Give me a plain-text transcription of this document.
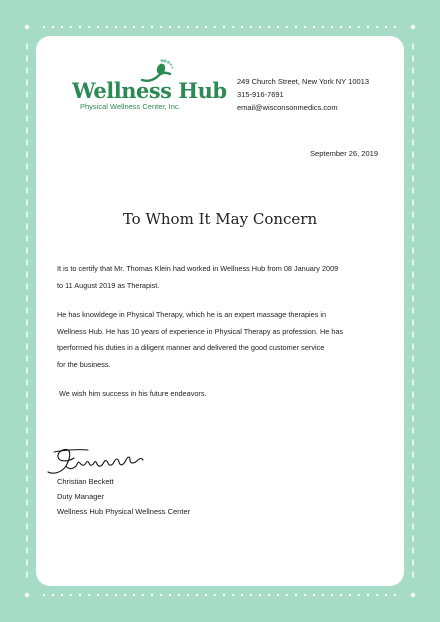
Wellness Hub
Physical Wellness Center, Inc.
249 Church Street, New York NY 10013
315-916-7691
email@wisconsonmedics.com
September 26, 2019
To Whom It May Concern
It is to certify that Mr. Thomas Klein had worked in Wellness Hub from 08 January 2009
to 11 August 2019 as Therapist.
He has knowldege in Physical Therapy, which he is an expert massage therapies in
Wellness Hub. He has 10 years of experience in Physical Therapy as profession. He has
tperformed his duties in a diligent manner and delivered the good customer service
for the business.
We wish him success in his future endeavors.
Christian Beckett
Duty Manager
Wellness Hub Physical Wellness Center
